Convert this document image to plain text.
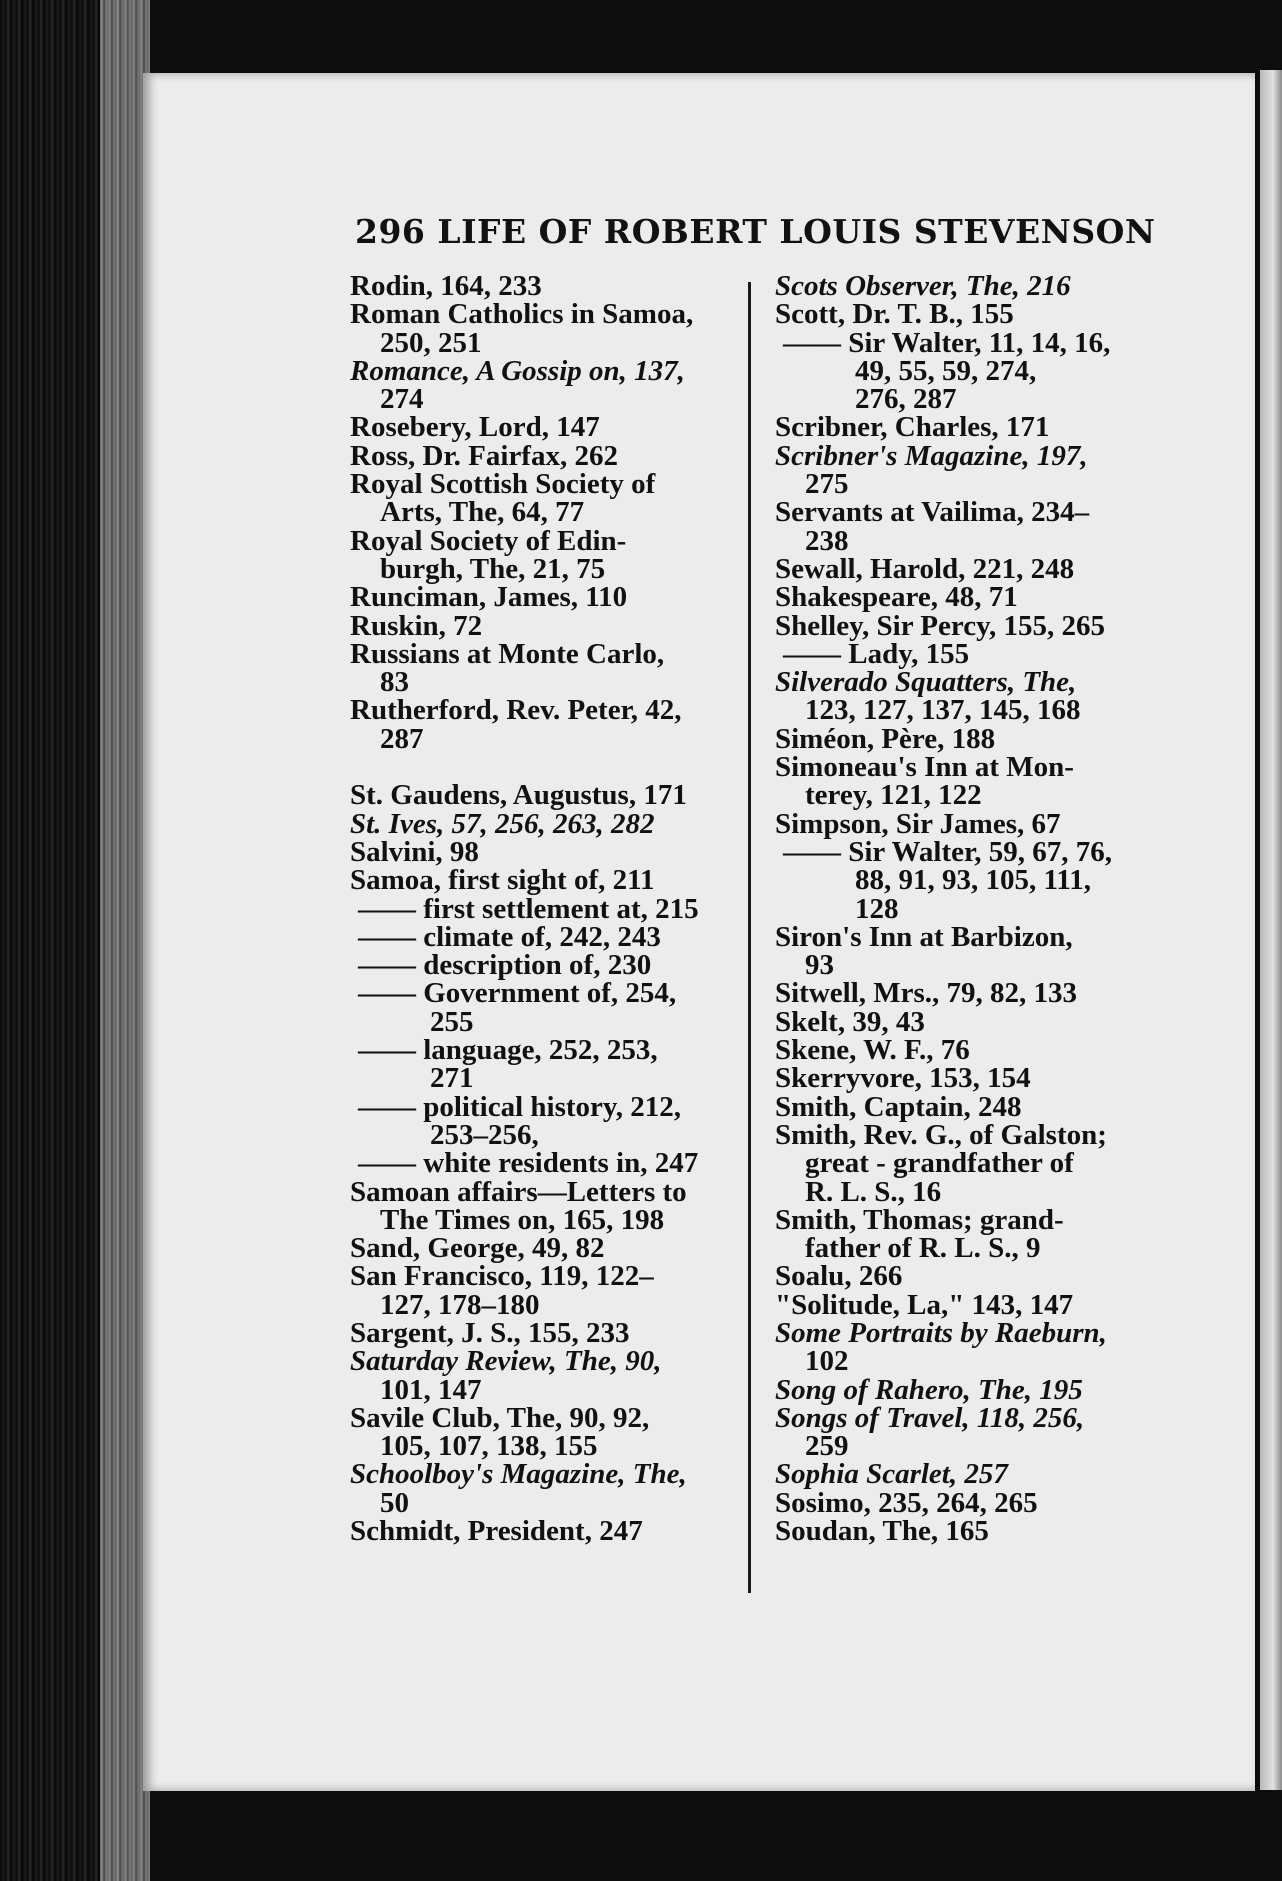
296 LIFE OF ROBERT LOUIS STEVENSON
Rodin, 164, 233
Roman Catholics in Samoa,
250, 251
Romance, A Gossip on, 137,
274
Rosebery, Lord, 147
Ross, Dr. Fairfax, 262
Royal Scottish Society of
Arts, The, 64, 77
Royal Society of Edin-
burgh, The, 21, 75
Runciman, James, 110
Ruskin, 72
Russians at Monte Carlo,
83
Rutherford, Rev. Peter, 42,
287
St. Gaudens, Augustus, 171
St. Ives, 57, 256, 263, 282
Salvini, 98
Samoa, first sight of, 211
—— first settlement at, 215
—— climate of, 242, 243
—— description of, 230
—— Government of, 254,
255
—— language, 252, 253,
271
—— political history, 212,
253–256,
—— white residents in, 247
Samoan affairs—Letters to
The Times on, 165, 198
Sand, George, 49, 82
San Francisco, 119, 122–
127, 178–180
Sargent, J. S., 155, 233
Saturday Review, The, 90,
101, 147
Savile Club, The, 90, 92,
105, 107, 138, 155
Schoolboy's Magazine, The,
50
Schmidt, President, 247
Scots Observer, The, 216
Scott, Dr. T. B., 155
—— Sir Walter, 11, 14, 16,
49, 55, 59, 274,
276, 287
Scribner, Charles, 171
Scribner's Magazine, 197,
275
Servants at Vailima, 234–
238
Sewall, Harold, 221, 248
Shakespeare, 48, 71
Shelley, Sir Percy, 155, 265
—— Lady, 155
Silverado Squatters, The,
123, 127, 137, 145, 168
Siméon, Père, 188
Simoneau's Inn at Mon-
terey, 121, 122
Simpson, Sir James, 67
—— Sir Walter, 59, 67, 76,
88, 91, 93, 105, 111,
128
Siron's Inn at Barbizon,
93
Sitwell, Mrs., 79, 82, 133
Skelt, 39, 43
Skene, W. F., 76
Skerryvore, 153, 154
Smith, Captain, 248
Smith, Rev. G., of Galston;
great - grandfather of
R. L. S., 16
Smith, Thomas; grand-
father of R. L. S., 9
Soalu, 266
"Solitude, La," 143, 147
Some Portraits by Raeburn,
102
Song of Rahero, The, 195
Songs of Travel, 118, 256,
259
Sophia Scarlet, 257
Sosimo, 235, 264, 265
Soudan, The, 165
